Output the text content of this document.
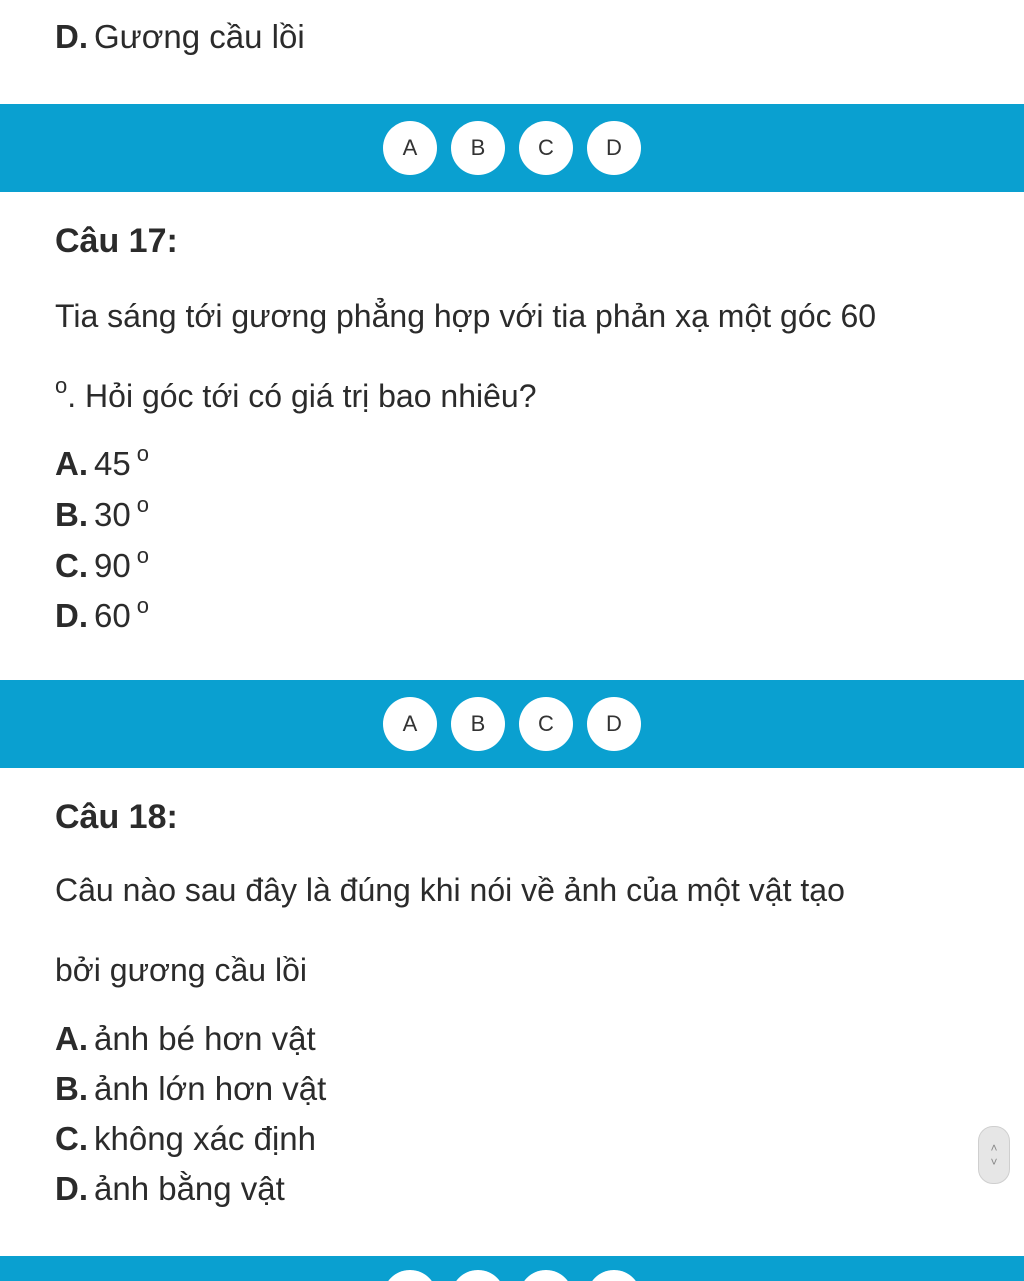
D. Gương cầu lồi
A	B	C	D
Câu 17:
Tia sáng tới gương phẳng hợp với tia phản xạ một góc 60
$^o$. Hỏi góc tới có giá trị bao nhiêu?
A. 45 o
B. 30 o
C. 90 o
D. 60 o
A	B	C	D
Câu 18:
Câu nào sau đây là đúng khi nói về ảnh của một vật tạo
bởi gương cầu lồi
A. ảnh bé hơn vật
B. ảnh lớn hơn vật
C. không xác định
D. ảnh bằng vật
˄
˅
